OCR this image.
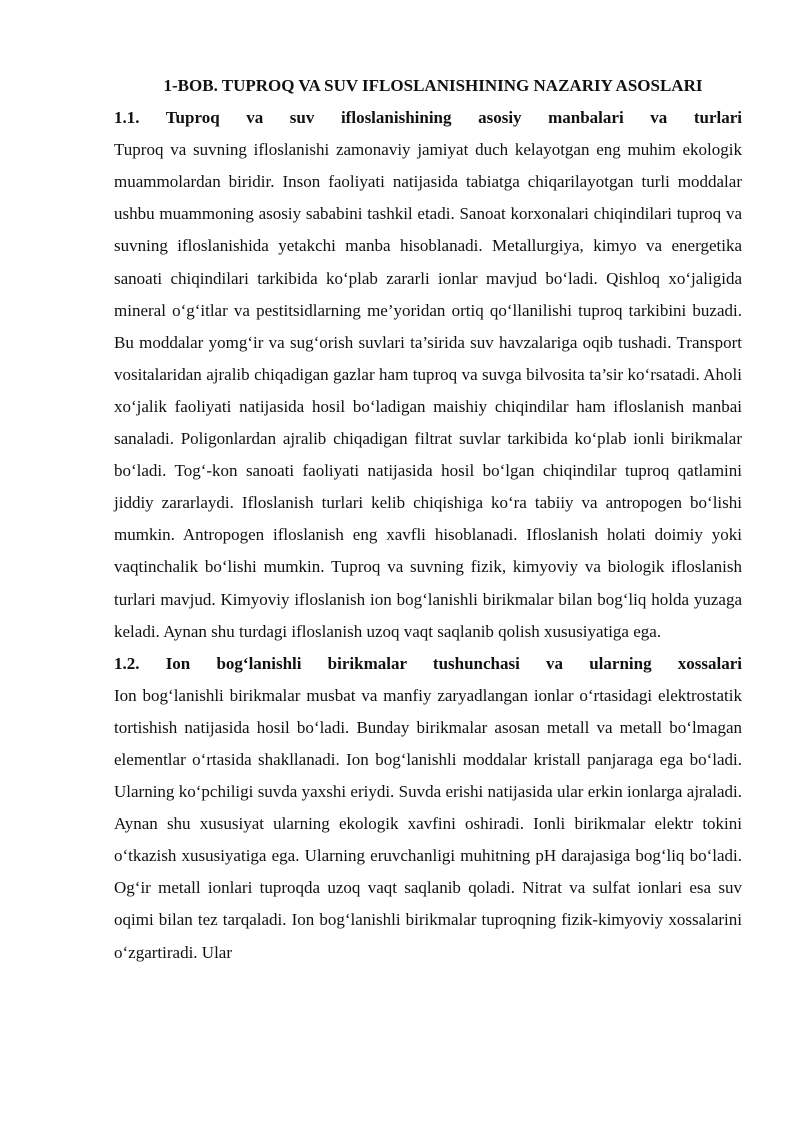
1-BOB. TUPROQ VA SUV IFLOSLANISHINING NAZARIY ASOSLARI

1.1. Tuproq va suv ifloslanishining asosiy manbalari va turlari

Tuproq va suvning ifloslanishi zamonaviy jamiyat duch kelayotgan eng muhim ekologik muammolardan biridir. Inson faoliyati natijasida tabiatga chiqarilayotgan turli moddalar ushbu muammoning asosiy sababini tashkil etadi. Sanoat korxonalari chiqindilari tuproq va suvning ifloslanishida yetakchi manba hisoblanadi. Metallurgiya, kimyo va energetika sanoati chiqindilari tarkibida ko‘plab zararli ionlar mavjud bo‘ladi. Qishloq xo‘jaligida mineral o‘g‘itlar va pestitsidlarning me’yoridan ortiq qo‘llanilishi tuproq tarkibini buzadi. Bu moddalar yomg‘ir va sug‘orish suvlari ta’sirida suv havzalariga oqib tushadi. Transport vositalaridan ajralib chiqadigan gazlar ham tuproq va suvga bilvosita ta’sir ko‘rsatadi. Aholi xo‘jalik faoliyati natijasida hosil bo‘ladigan maishiy chiqindilar ham ifloslanish manbai sanaladi. Poligonlardan ajralib chiqadigan filtrat suvlar tarkibida ko‘plab ionli birikmalar bo‘ladi. Tog‘-kon sanoati faoliyati natijasida hosil bo‘lgan chiqindilar tuproq qatlamini jiddiy zararlaydi. Ifloslanish turlari kelib chiqishiga ko‘ra tabiiy va antropogen bo‘lishi mumkin. Antropogen ifloslanish eng xavfli hisoblanadi. Ifloslanish holati doimiy yoki vaqtinchalik bo‘lishi mumkin. Tuproq va suvning fizik, kimyoviy va biologik ifloslanish turlari mavjud. Kimyoviy ifloslanish ion bog‘lanishli birikmalar bilan bog‘liq holda yuzaga keladi. Aynan shu turdagi ifloslanish uzoq vaqt saqlanib qolish xususiyatiga ega.

1.2. Ion bog‘lanishli birikmalar tushunchasi va ularning xossalari

Ion bog‘lanishli birikmalar musbat va manfiy zaryadlangan ionlar o‘rtasidagi elektrostatik tortishish natijasida hosil bo‘ladi. Bunday birikmalar asosan metall va metall bo‘lmagan elementlar o‘rtasida shakllanadi. Ion bog‘lanishli moddalar kristall panjaraga ega bo‘ladi. Ularning ko‘pchiligi suvda yaxshi eriydi. Suvda erishi natijasida ular erkin ionlarga ajraladi. Aynan shu xususiyat ularning ekologik xavfini oshiradi. Ionli birikmalar elektr tokini o‘tkazish xususiyatiga ega. Ularning eruvchanligi muhitning pH darajasiga bog‘liq bo‘ladi. Og‘ir metall ionlari tuproqda uzoq vaqt saqlanib qoladi. Nitrat va sulfat ionlari esa suv oqimi bilan tez tarqaladi. Ion bog‘lanishli birikmalar tuproqning fizik-kimyoviy xossalarini o‘zgartiradi. Ular
